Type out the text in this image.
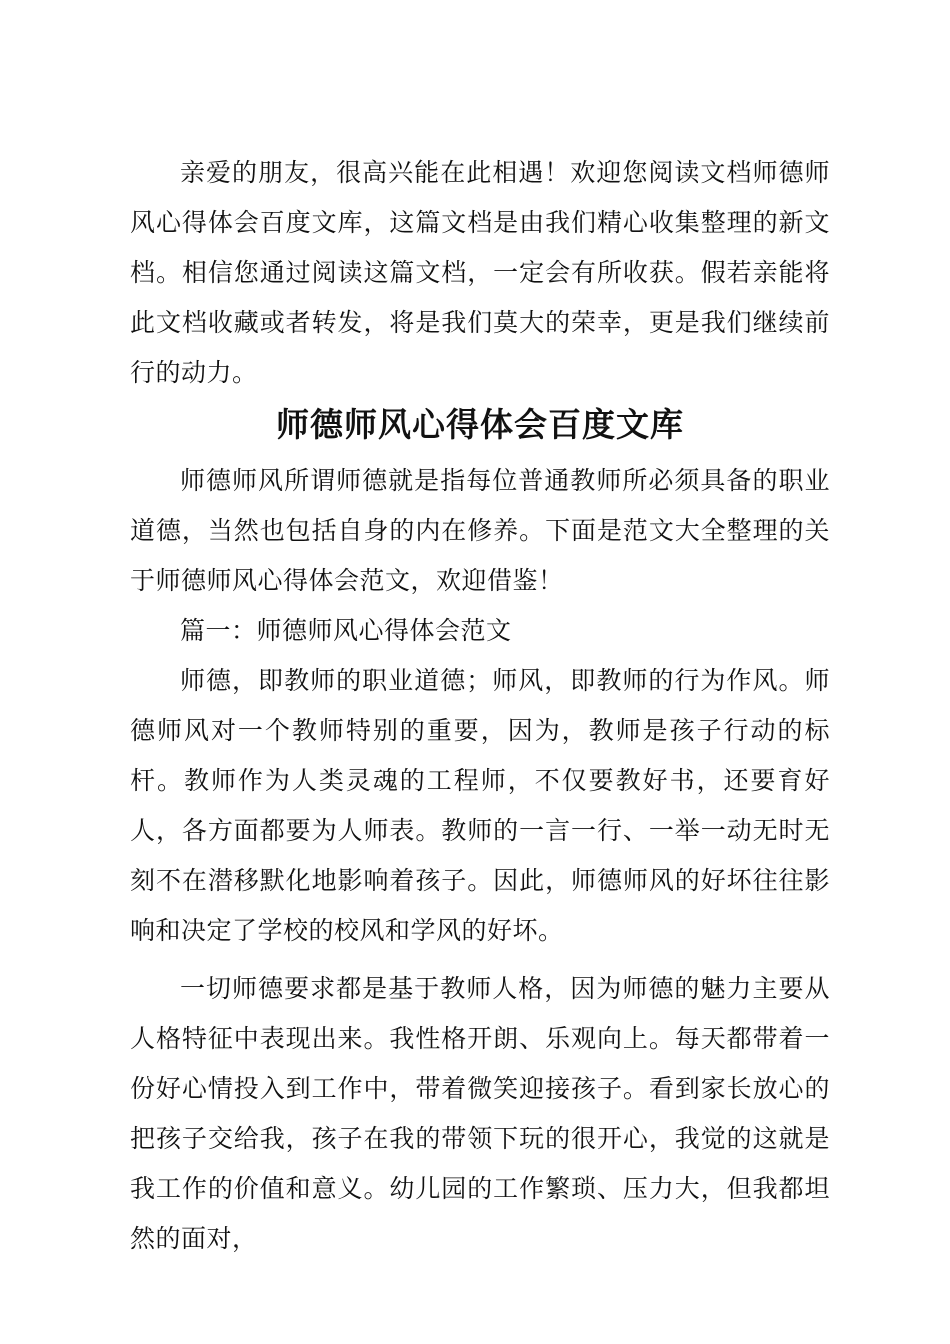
亲爱的朋友，很高兴能在此相遇！欢迎您阅读文档师德师风心得体会百度文库，这篇文档是由我们精心收集整理的新文档。相信您通过阅读这篇文档，一定会有所收获。假若亲能将此文档收藏或者转发，将是我们莫大的荣幸，更是我们继续前行的动力。

师德师风心得体会百度文库

师德师风所谓师德就是指每位普通教师所必须具备的职业道德，当然也包括自身的内在修养。下面是范文大全整理的关于师德师风心得体会范文，欢迎借鉴！

篇一：师德师风心得体会范文

师德，即教师的职业道德；师风，即教师的行为作风。师德师风对一个教师特别的重要，因为，教师是孩子行动的标杆。教师作为人类灵魂的工程师，不仅要教好书，还要育好人，各方面都要为人师表。教师的一言一行、一举一动无时无刻不在潜移默化地影响着孩子。因此，师德师风的好坏往往影响和决定了学校的校风和学风的好坏。

一切师德要求都是基于教师人格，因为师德的魅力主要从人格特征中表现出来。我性格开朗、乐观向上。每天都带着一份好心情投入到工作中，带着微笑迎接孩子。看到家长放心的把孩子交给我，孩子在我的带领下玩的很开心，我觉的这就是我工作的价值和意义。幼儿园的工作繁琐、压力大，但我都坦然的面对，
